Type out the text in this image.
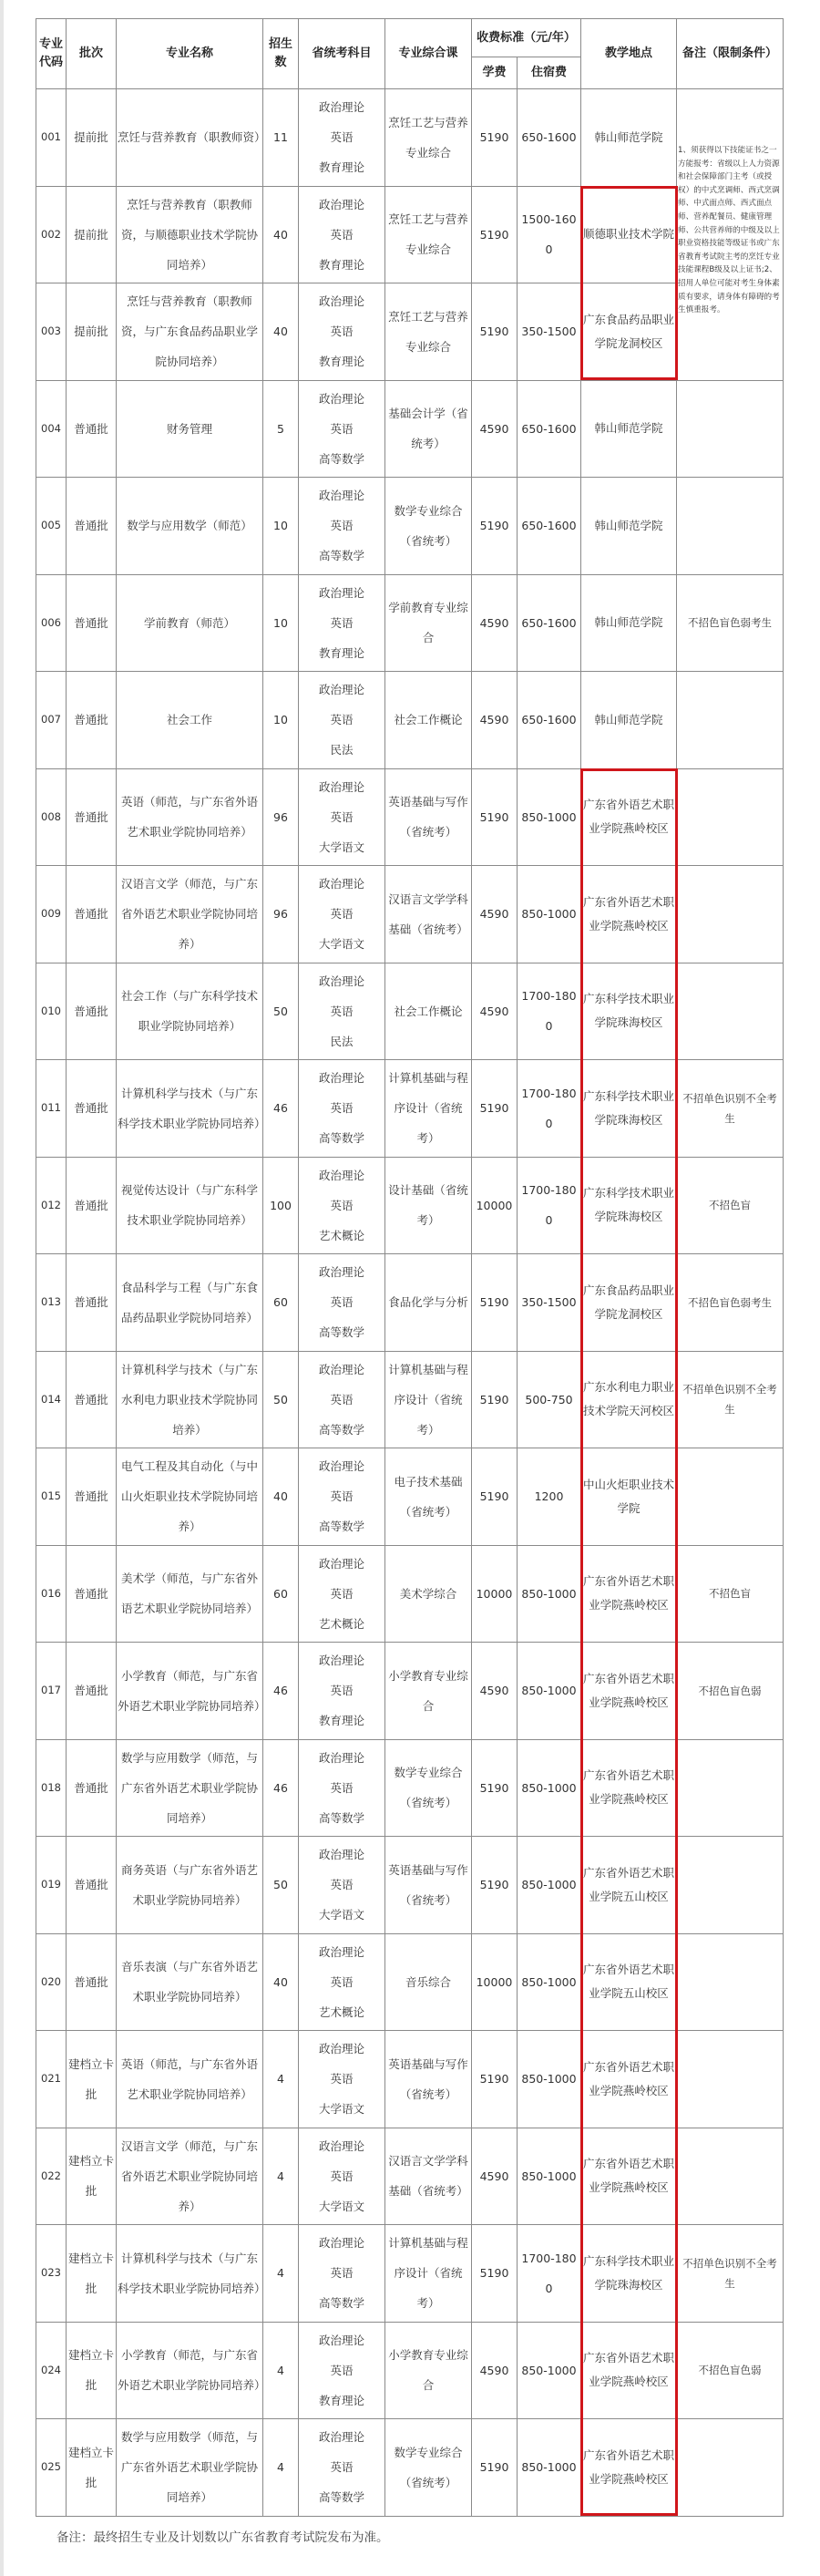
专业代码	批次	专业名称	招生数	省统考科目	专业综合课	收费标准（元/年）		教学地点	备注（限制条件）
						学费	住宿费		
001	提前批	烹饪与营养教育（职教师资）	11	政治理论
英语
教育理论	烹饪工艺与营养专业综合	5190	650-1600	韩山师范学院	1、须获得以下技能证书之一方能报考：省级以上人力资源和社会保障部门主考（或授权）的中式烹调师、西式烹调师、中式面点师、西式面点师、营养配餐员、健康管理师、公共营养师的中级及以上职业资格技能等级证书或广东省教育考试院主考的烹饪专业技能课程B级及以上证书;2、招用人单位可能对考生身体素质有要求，请身体有障碍的考生慎重报考。
002	提前批	烹饪与营养教育（职教师资，与顺德职业技术学院协同培养）	40	政治理论
英语
教育理论	烹饪工艺与营养专业综合	5190	1500-1600	顺德职业技术学院	
003	提前批	烹饪与营养教育（职教师资，与广东食品药品职业学院协同培养）	40	政治理论
英语
教育理论	烹饪工艺与营养专业综合	5190	350-1500	广东食品药品职业学院龙洞校区	
004	普通批	财务管理	5	政治理论
英语
高等数学	基础会计学（省统考）	4590	650-1600	韩山师范学院	
005	普通批	数学与应用数学（师范）	10	政治理论
英语
高等数学	数学专业综合（省统考）	5190	650-1600	韩山师范学院	
006	普通批	学前教育（师范）	10	政治理论
英语
教育理论	学前教育专业综合	4590	650-1600	韩山师范学院	不招色盲色弱考生
007	普通批	社会工作	10	政治理论
英语
民法	社会工作概论	4590	650-1600	韩山师范学院	
008	普通批	英语（师范，与广东省外语艺术职业学院协同培养）	96	政治理论
英语
大学语文	英语基础与写作（省统考）	5190	850-1000	广东省外语艺术职业学院燕岭校区	
009	普通批	汉语言文学（师范，与广东省外语艺术职业学院协同培养）	96	政治理论
英语
大学语文	汉语言文学学科基础（省统考）	4590	850-1000	广东省外语艺术职业学院燕岭校区	
010	普通批	社会工作（与广东科学技术职业学院协同培养）	50	政治理论
英语
民法	社会工作概论	4590	1700-1800	广东科学技术职业学院珠海校区	
011	普通批	计算机科学与技术（与广东科学技术职业学院协同培养）	46	政治理论
英语
高等数学	计算机基础与程序设计（省统考）	5190	1700-1800	广东科学技术职业学院珠海校区	不招单色识别不全考生
012	普通批	视觉传达设计（与广东科学技术职业学院协同培养）	100	政治理论
英语
艺术概论	设计基础（省统考）	10000	1700-1800	广东科学技术职业学院珠海校区	不招色盲
013	普通批	食品科学与工程（与广东食品药品职业学院协同培养）	60	政治理论
英语
高等数学	食品化学与分析	5190	350-1500	广东食品药品职业学院龙洞校区	不招色盲色弱考生
014	普通批	计算机科学与技术（与广东水利电力职业技术学院协同培养）	50	政治理论
英语
高等数学	计算机基础与程序设计（省统考）	5190	500-750	广东水利电力职业技术学院天河校区	不招单色识别不全考生
015	普通批	电气工程及其自动化（与中山火炬职业技术学院协同培养）	40	政治理论
英语
高等数学	电子技术基础（省统考）	5190	1200	中山火炬职业技术学院	
016	普通批	美术学（师范，与广东省外语艺术职业学院协同培养）	60	政治理论
英语
艺术概论	美术学综合	10000	850-1000	广东省外语艺术职业学院燕岭校区	不招色盲
017	普通批	小学教育（师范，与广东省外语艺术职业学院协同培养）	46	政治理论
英语
教育理论	小学教育专业综合	4590	850-1000	广东省外语艺术职业学院燕岭校区	不招色盲色弱
018	普通批	数学与应用数学（师范，与广东省外语艺术职业学院协同培养）	46	政治理论
英语
高等数学	数学专业综合（省统考）	5190	850-1000	广东省外语艺术职业学院燕岭校区	
019	普通批	商务英语（与广东省外语艺术职业学院协同培养）	50	政治理论
英语
大学语文	英语基础与写作（省统考）	5190	850-1000	广东省外语艺术职业学院五山校区	
020	普通批	音乐表演（与广东省外语艺术职业学院协同培养）	40	政治理论
英语
艺术概论	音乐综合	10000	850-1000	广东省外语艺术职业学院五山校区	
021	建档立卡批	英语（师范，与广东省外语艺术职业学院协同培养）	4	政治理论
英语
大学语文	英语基础与写作（省统考）	5190	850-1000	广东省外语艺术职业学院燕岭校区	
022	建档立卡批	汉语言文学（师范，与广东省外语艺术职业学院协同培养）	4	政治理论
英语
大学语文	汉语言文学学科基础（省统考）	4590	850-1000	广东省外语艺术职业学院燕岭校区	
023	建档立卡批	计算机科学与技术（与广东科学技术职业学院协同培养）	4	政治理论
英语
高等数学	计算机基础与程序设计（省统考）	5190	1700-1800	广东科学技术职业学院珠海校区	不招单色识别不全考生
024	建档立卡批	小学教育（师范，与广东省外语艺术职业学院协同培养）	4	政治理论
英语
教育理论	小学教育专业综合	4590	850-1000	广东省外语艺术职业学院燕岭校区	不招色盲色弱
025	建档立卡批	数学与应用数学（师范，与广东省外语艺术职业学院协同培养）	4	政治理论
英语
高等数学	数学专业综合（省统考）	5190	850-1000	广东省外语艺术职业学院燕岭校区	
备注：最终招生专业及计划数以广东省教育考试院发布为准。
